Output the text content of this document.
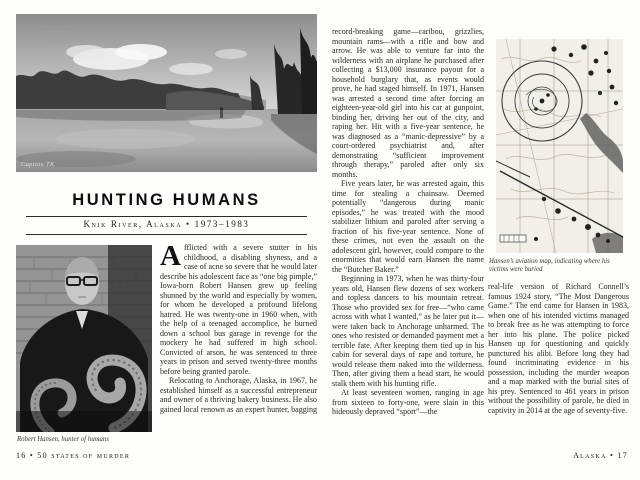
Caption TK
HUNTING HUMANS
Knik River, Alaska • 1973–1983
Robert Hansen, hunter of humans

Afflicted with a severe stutter in his childhood, a disabling shyness, and a case of acne so severe that he would later describe his adolescent face as “one big pimple,” Iowa-born Robert Hansen grew up feeling shunned by the world and especially by women, for whom he developed a profound lifelong hatred. He was twenty-one in 1960 when, with the help of a teenaged accomplice, he burned down a school bus garage in revenge for the mockery he had suffered in high school. Convicted of arson, he was sentenced to three years in prison and served twenty-three months before being granted parole.

Relocating to Anchorage, Alaska, in 1967, he established himself as a successful entrepreneur and owner of a thriving bakery business. He also gained local renown as an expert hunter, bagging

16 • 50 states of murder

record-breaking game—caribou, grizzlies, mountain rams—with a rifle and bow and arrow. He was able to venture far into the wilderness with an airplane he purchased after collecting a $13,000 insurance payout for a household burglary that, as events would prove, he had staged himself. In 1971, Hansen was arrested a second time after forcing an eighteen-year-old girl into his car at gunpoint, binding her, driving her out of the city, and raping her. Hit with a five-year sentence, he was diagnosed as a “manic-depressive” by a court-ordered psychiatrist and, after demonstrating “sufficient improvement through therapy,” paroled after only six months.

Five years later, he was arrested again, this time for stealing a chainsaw. Deemed potentially “dangerous during manic episodes,” he was treated with the mood stabilizer lithium and paroled after serving a fraction of his five-year sentence. None of these crimes, not even the assault on the adolescent girl, however, could compare to the enormities that would earn Hansen the name the “Butcher Baker.”

Beginning in 1973, when he was thirty-four years old, Hansen flew dozens of sex workers and topless dancers to his mountain retreat. Those who provided sex for free—“who came across with what I wanted,” as he later put it—were taken back to Anchorage unharmed. The ones who resisted or demanded payment met a terrible fate. After keeping them tied up in his cabin for several days of rape and torture, he would release them naked into the wilderness. Then, after giving them a head start, he would stalk them with his hunting rifle.

At least seventeen women, ranging in age from sixteen to forty-one, were slain in this hideously depraved “sport”—the

Hansen’s aviation map, indicating where his victims were buried

real-life version of Richard Connell’s famous 1924 story, “The Most Dangerous Game.” The end came for Hansen in 1983, when one of his intended victims managed to break free as he was attempting to force her into his plane. The police picked Hansen up for questioning and quickly punctured his alibi. Before long they had found incriminating evidence in his possession, including the murder weapon and a map marked with the burial sites of his prey. Sentenced to 461 years in prison without the possibility of parole, he died in captivity in 2014 at the age of seventy-five.

Alaska • 17
